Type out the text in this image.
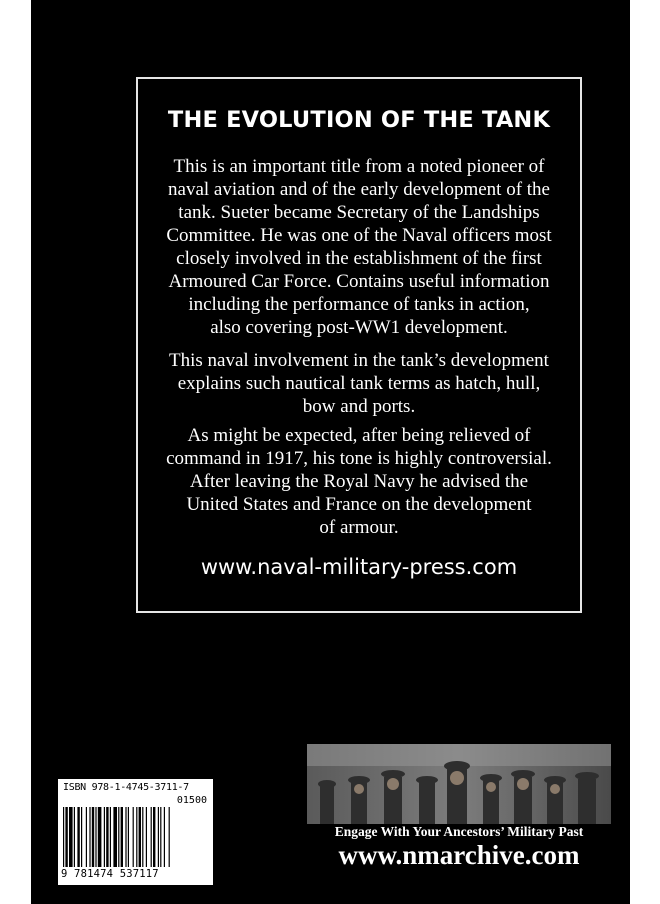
THE EVOLUTION OF THE TANK

This is an important title from a noted pioneer of
naval aviation and of the early development of the
tank. Sueter became Secretary of the Landships
Committee. He was one of the Naval officers most
closely involved in the establishment of the first
Armoured Car Force. Contains useful information
including the performance of tanks in action,
also covering post-WW1 development.

This naval involvement in the tank’s development
explains such nautical tank terms as hatch, hull,
bow and ports.

As might be expected, after being relieved of
command in 1917, his tone is highly controversial.
After leaving the Royal Navy he advised the
United States and France on the development
of armour.

www.naval-military-press.com
Engage With Your Ancestors’ Military Past
www.nmarchive.com
ISBN 978-1-4745-3711-7
01500
9 781474 537117
